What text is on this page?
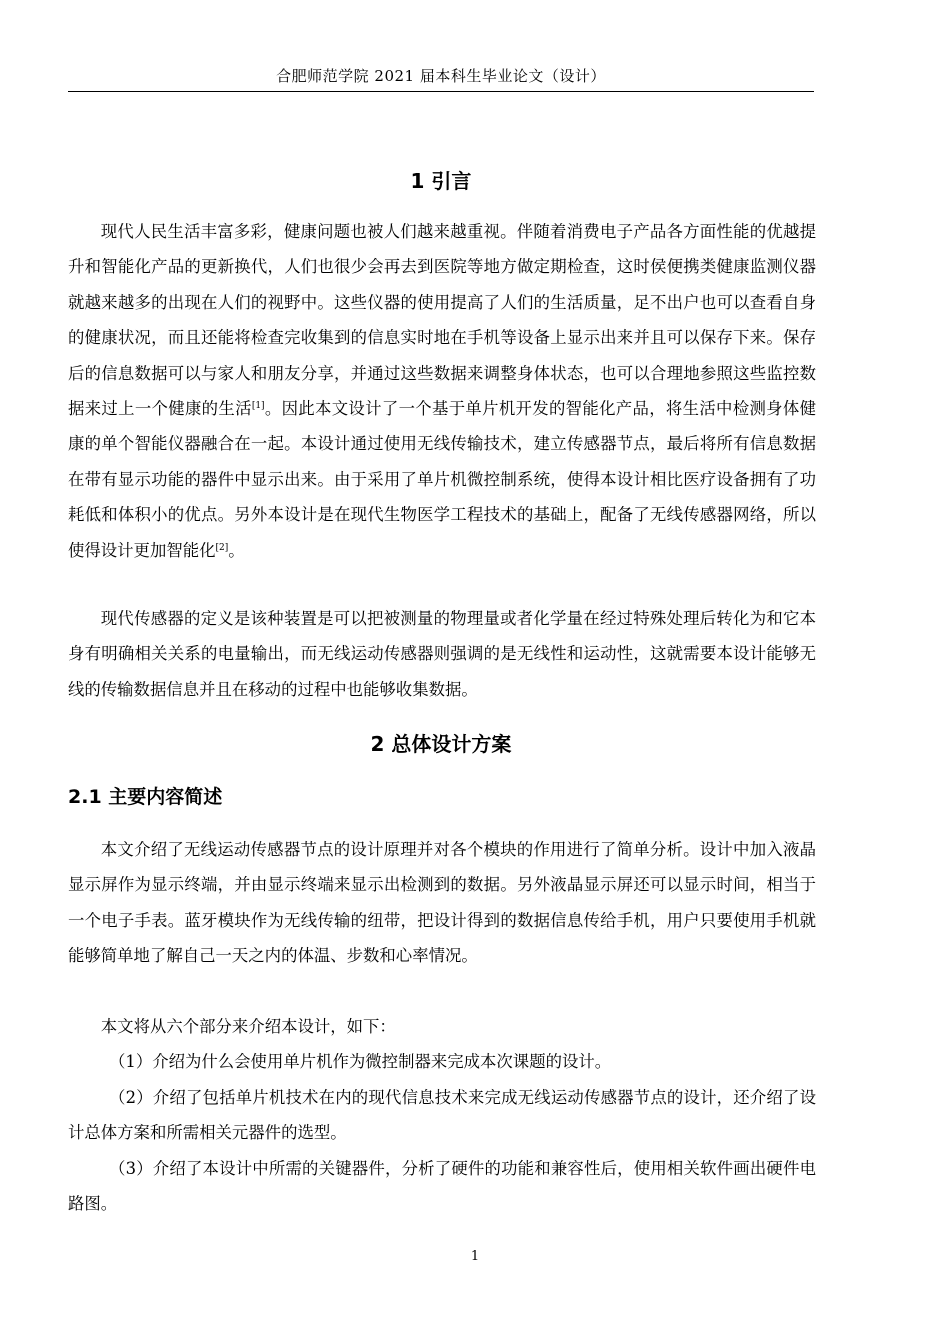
合肥师范学院 2021 届本科生毕业论文（设计）
1 引言

现代人民生活丰富多彩，健康问题也被人们越来越重视。伴随着消费电子产品各方面性能的优越提升和智能化产品的更新换代，人们也很少会再去到医院等地方做定期检查，这时侯便携类健康监测仪器就越来越多的出现在人们的视野中。这些仪器的使用提高了人们的生活质量，足不出户也可以查看自身的健康状况，而且还能将检查完收集到的信息实时地在手机等设备上显示出来并且可以保存下来。保存后的信息数据可以与家人和朋友分享，并通过这些数据来调整身体状态，也可以合理地参照这些监控数据来过上一个健康的生活[1]。因此本文设计了一个基于单片机开发的智能化产品，将生活中检测身体健康的单个智能仪器融合在一起。本设计通过使用无线传输技术，建立传感器节点，最后将所有信息数据在带有显示功能的器件中显示出来。由于采用了单片机微控制系统，使得本设计相比医疗设备拥有了功耗低和体积小的优点。另外本设计是在现代生物医学工程技术的基础上，配备了无线传感器网络，所以使得设计更加智能化[2]。

现代传感器的定义是该种装置是可以把被测量的物理量或者化学量在经过特殊处理后转化为和它本身有明确相关关系的电量输出，而无线运动传感器则强调的是无线性和运动性，这就需要本设计能够无线的传输数据信息并且在移动的过程中也能够收集数据。

2 总体设计方案
2.1 主要内容简述

本文介绍了无线运动传感器节点的设计原理并对各个模块的作用进行了简单分析。设计中加入液晶显示屏作为显示终端，并由显示终端来显示出检测到的数据。另外液晶显示屏还可以显示时间，相当于一个电子手表。蓝牙模块作为无线传输的纽带，把设计得到的数据信息传给手机，用户只要使用手机就能够简单地了解自己一天之内的体温、步数和心率情况。

本文将从六个部分来介绍本设计，如下：

（1）介绍为什么会使用单片机作为微控制器来完成本次课题的设计。

（2）介绍了包括单片机技术在内的现代信息技术来完成无线运动传感器节点的设计，还介绍了设计总体方案和所需相关元器件的选型。

（3）介绍了本设计中所需的关键器件，分析了硬件的功能和兼容性后，使用相关软件画出硬件电路图。

1
